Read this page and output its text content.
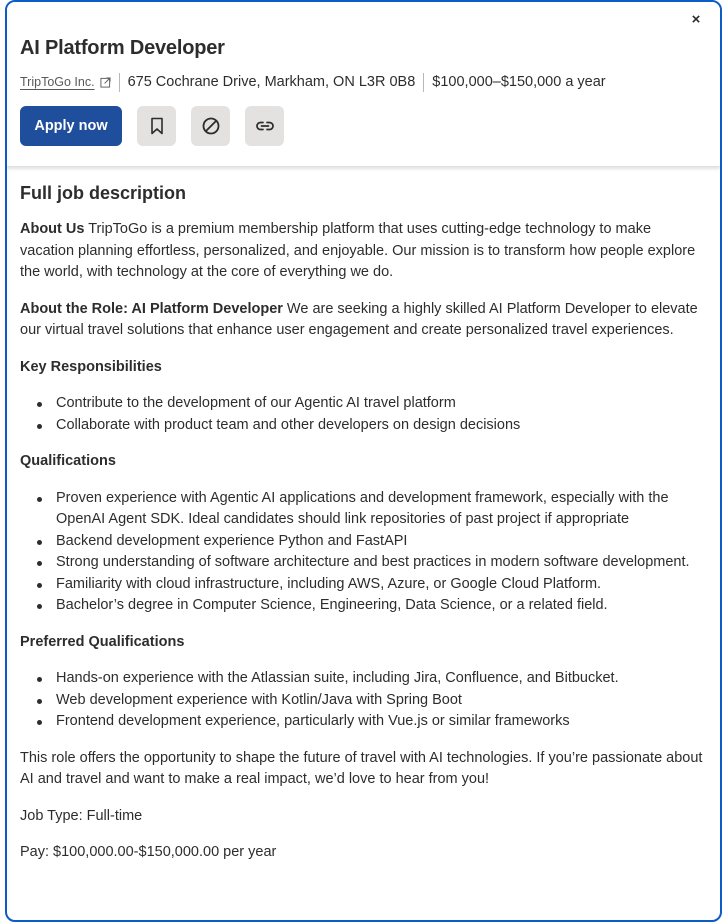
×
AI Platform Developer
TripToGo Inc. 675 Cochrane Drive, Markham, ON L3R 0B8 $100,000–$150,000 a year
Apply now
Full job description

About Us TripToGo is a premium membership platform that uses cutting-edge technology to make vacation planning effortless, personalized, and enjoyable. Our mission is to transform how people explore the world, with technology at the core of everything we do.

About the Role: AI Platform Developer We are seeking a highly skilled AI Platform Developer to elevate our virtual travel solutions that enhance user engagement and create personalized travel experiences.

Key Responsibilities

Contribute to the development of our Agentic AI travel platform
Collaborate with product team and other developers on design decisions

Qualifications

Proven experience with Agentic AI applications and development framework, especially with the OpenAI Agent SDK. Ideal candidates should link repositories of past project if appropriate
Backend development experience Python and FastAPI
Strong understanding of software architecture and best practices in modern software development.
Familiarity with cloud infrastructure, including AWS, Azure, or Google Cloud Platform.
Bachelor’s degree in Computer Science, Engineering, Data Science, or a related field.

Preferred Qualifications

Hands-on experience with the Atlassian suite, including Jira, Confluence, and Bitbucket.
Web development experience with Kotlin/Java with Spring Boot
Frontend development experience, particularly with Vue.js or similar frameworks

This role offers the opportunity to shape the future of travel with AI technologies. If you’re passionate about AI and travel and want to make a real impact, we’d love to hear from you!

Job Type: Full-time

Pay: $100,000.00-$150,000.00 per year
